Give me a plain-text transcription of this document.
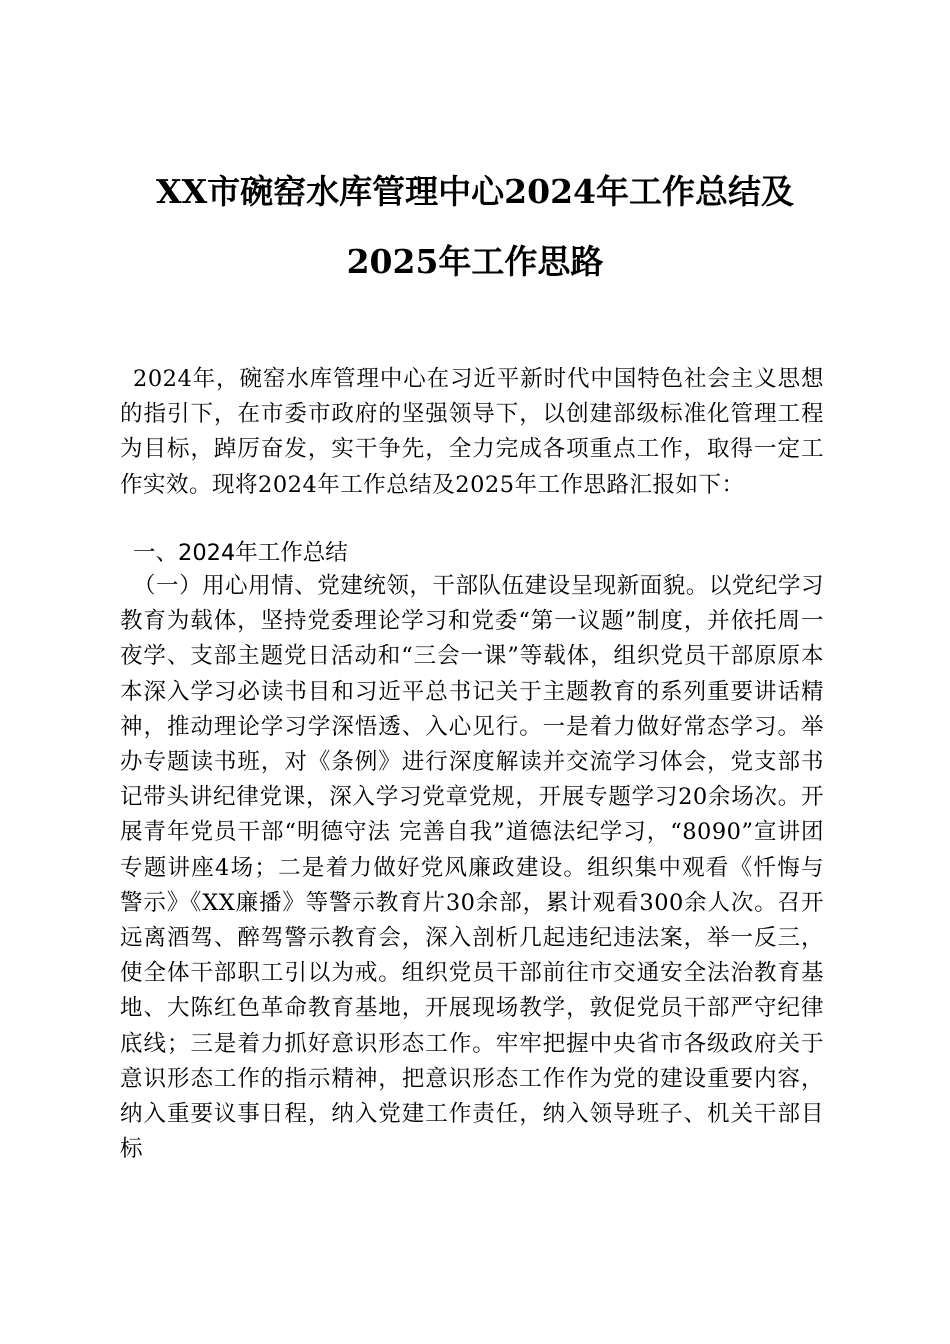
XX市碗窑水库管理中心2024年工作总结及
2025年工作思路

2024年，碗窑水库管理中心在习近平新时代中国特色社会主义思想的指引下，在市委市政府的坚强领导下，以创建部级标准化管理工程为目标，踔厉奋发，实干争先，全力完成各项重点工作，取得一定工作实效。现将2024年工作总结及2025年工作思路汇报如下：

一、2024年工作总结

（一）用心用情、党建统领，干部队伍建设呈现新面貌。以党纪学习教育为载体，坚持党委理论学习和党委“第一议题”制度，并依托周一夜学、支部主题党日活动和“三会一课”等载体，组织党员干部原原本本深入学习必读书目和习近平总书记关于主题教育的系列重要讲话精神，推动理论学习学深悟透、入心见行。一是着力做好常态学习。举办专题读书班，对《条例》进行深度解读并交流学习体会，党支部书记带头讲纪律党课，深入学习党章党规，开展专题学习20余场次。开展青年党员干部“明德守法 完善自我”道德法纪学习，“8090”宣讲团专题讲座4场；二是着力做好党风廉政建设。组织集中观看《忏悔与警示》《XX廉播》等警示教育片30余部，累计观看300余人次。召开远离酒驾、醉驾警示教育会，深入剖析几起违纪违法案，举一反三，使全体干部职工引以为戒。组织党员干部前往市交通安全法治教育基地、大陈红色革命教育基地，开展现场教学，敦促党员干部严守纪律底线；三是着力抓好意识形态工作。牢牢把握中央省市各级政府关于意识形态工作的指示精神，把意识形态工作作为党的建设重要内容，纳入重要议事日程，纳入党建工作责任，纳入领导班子、机关干部目标
